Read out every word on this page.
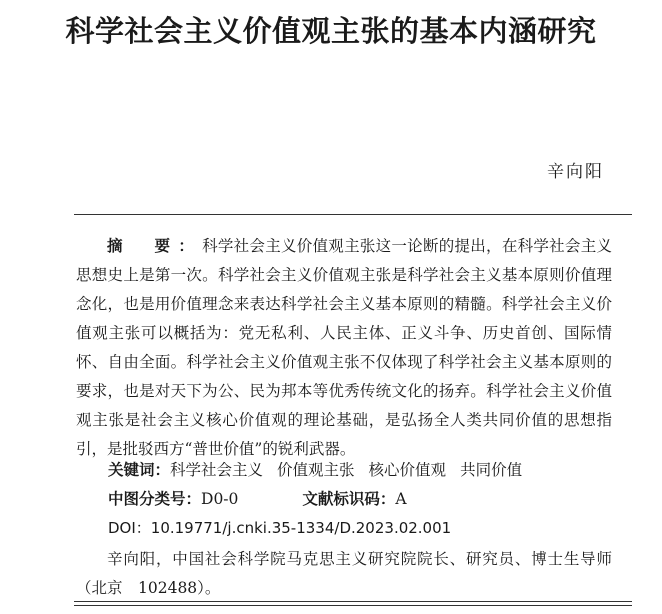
科学社会主义价值观主张的基本内涵研究
辛向阳
摘　要：科学社会主义价值观主张这一论断的提出，在科学社会主义思想史上是第一次。科学社会主义价值观主张是科学社会主义基本原则价值理念化，也是用价值理念来表达科学社会主义基本原则的精髓。科学社会主义价值观主张可以概括为：党无私利、人民主体、正义斗争、历史首创、国际情怀、自由全面。科学社会主义价值观主张不仅体现了科学社会主义基本原则的要求，也是对天下为公、民为邦本等优秀传统文化的扬弃。科学社会主义价值观主张是社会主义核心价值观的理论基础，是弘扬全人类共同价值的思想指引，是批驳西方“普世价值”的锐利武器。
关键词：科学社会主义 价值观主张 核心价值观 共同价值
中图分类号：D0-0	文献标识码：A
DOI：10.19771/j.cnki.35-1334/D.2023.02.001
辛向阳，中国社会科学院马克思主义研究院院长、研究员、博士生导师（北京　102488）。
